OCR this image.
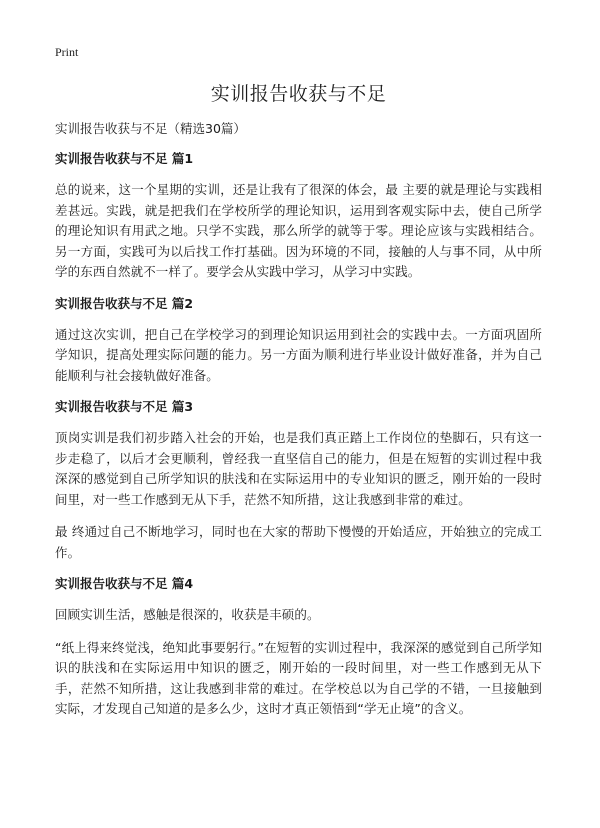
Print
实训报告收获与不足
实训报告收获与不足（精选30篇）
实训报告收获与不足 篇1

总的说来，这一个星期的实训，还是让我有了很深的体会，最 主要的就是理论与实践相差甚远。实践，就是把我们在学校所学的理论知识，运用到客观实际中去，使自己所学的理论知识有用武之地。只学不实践，那么所学的就等于零。理论应该与实践相结合。另一方面，实践可为以后找工作打基础。因为环境的不同，接触的人与事不同，从中所学的东西自然就不一样了。要学会从实践中学习，从学习中实践。

实训报告收获与不足 篇2

通过这次实训，把自己在学校学习的到理论知识运用到社会的实践中去。一方面巩固所学知识，提高处理实际问题的能力。另一方面为顺利进行毕业设计做好准备，并为自己能顺利与社会接轨做好准备。

实训报告收获与不足 篇3

顶岗实训是我们初步踏入社会的开始，也是我们真正踏上工作岗位的垫脚石，只有这一步走稳了，以后才会更顺利，曾经我一直坚信自己的能力，但是在短暂的实训过程中我深深的感觉到自己所学知识的肤浅和在实际运用中的专业知识的匮乏，刚开始的一段时间里，对一些工作感到无从下手，茫然不知所措，这让我感到非常的难过。

最 终通过自己不断地学习，同时也在大家的帮助下慢慢的开始适应，开始独立的完成工作。

实训报告收获与不足 篇4

回顾实训生活，感触是很深的，收获是丰硕的。

“纸上得来终觉浅，绝知此事要躬行。”在短暂的实训过程中，我深深的感觉到自己所学知识的肤浅和在实际运用中知识的匮乏，刚开始的一段时间里，对一些工作感到无从下手，茫然不知所措，这让我感到非常的难过。在学校总以为自己学的不错，一旦接触到实际，才发现自己知道的是多么少，这时才真正领悟到“学无止境”的含义。
